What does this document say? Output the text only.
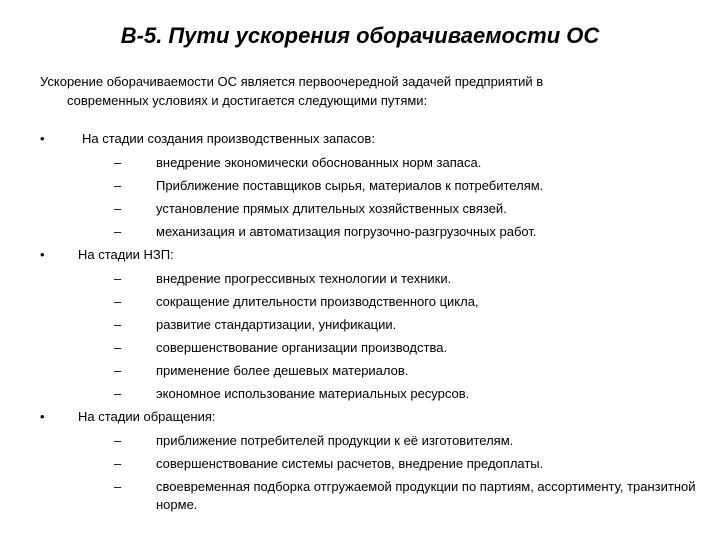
В-5. Пути ускорения оборачиваемости ОС
Ускорение оборачиваемости ОС является первоочередной задачей предприятий в
современных условиях и достигается следующими путями:
•	На стадии создания производственных запасов:
–	внедрение экономически обоснованных норм запаса.
–	Приближение поставщиков сырья, материалов к потребителям.
–	установление прямых длительных хозяйственных связей.
–	механизация и автоматизация погрузочно-разгрузочных работ.
•	На стадии НЗП:
–	внедрение прогрессивных технологии и техники.
–	сокращение длительности производственного цикла,
–	развитие стандартизации, унификации.
–	совершенствование организации производства.
–	применение более дешевых материалов.
–	экономное использование материальных ресурсов.
•	На стадии обращения:
–	приближение потребителей продукции к её изготовителям.
–	совершенствование системы расчетов, внедрение предоплаты.
–	своевременная подборка отгружаемой продукции по партиям, ассортименту, транзитной норме.
